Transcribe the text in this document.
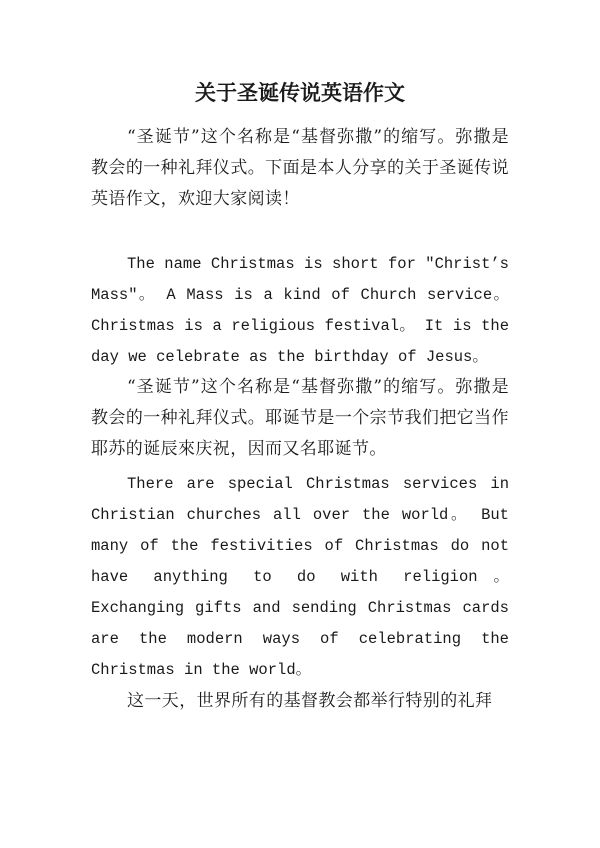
关于圣诞传说英语作文

“圣诞节”这个名称是“基督弥撒”的缩写。弥撒是教会的一种礼拜仪式。下面是本人分享的关于圣诞传说英语作文，欢迎大家阅读！

The name Christmas is short for "Christ’s Mass"。 A Mass is a kind of Church service。 Christmas is a religious festival。 It is the day we celebrate as the birthday of Jesus。

“圣诞节”这个名称是“基督弥撒”的缩写。弥撒是教会的一种礼拜仪式。耶诞节是一个宗节我们把它当作耶苏的诞辰來庆祝，因而又名耶诞节。

There are special Christmas services in Christian churches all over the world。 But many of the festivities of Christmas do not have anything to do with religion。 Exchanging gifts and sending Christmas cards are the modern ways of celebrating the Christmas in the world。

这一天，世界所有的基督教会都举行特别的礼拜
